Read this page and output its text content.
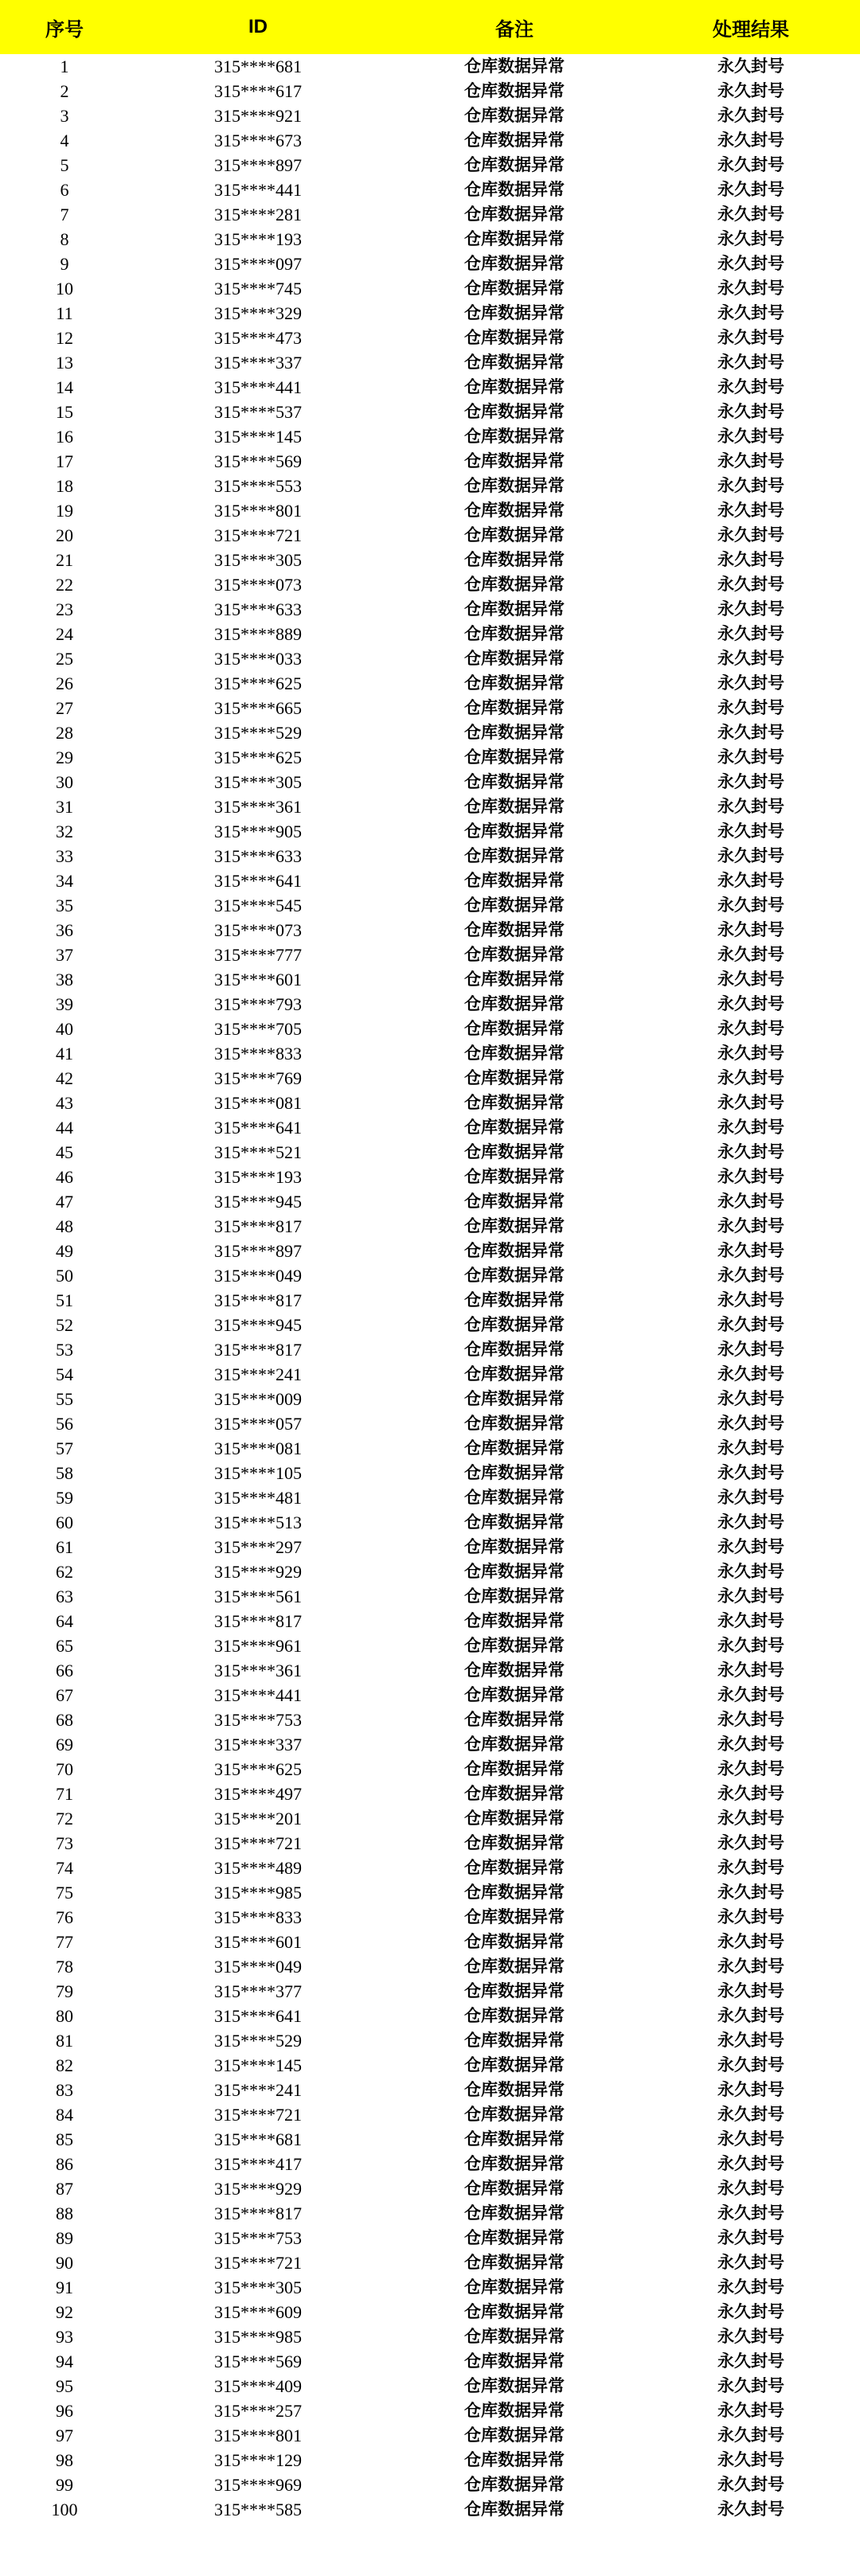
序号	ID	备注	处理结果
1	315****681	仓库数据异常	永久封号
2	315****617	仓库数据异常	永久封号
3	315****921	仓库数据异常	永久封号
4	315****673	仓库数据异常	永久封号
5	315****897	仓库数据异常	永久封号
6	315****441	仓库数据异常	永久封号
7	315****281	仓库数据异常	永久封号
8	315****193	仓库数据异常	永久封号
9	315****097	仓库数据异常	永久封号
10	315****745	仓库数据异常	永久封号
11	315****329	仓库数据异常	永久封号
12	315****473	仓库数据异常	永久封号
13	315****337	仓库数据异常	永久封号
14	315****441	仓库数据异常	永久封号
15	315****537	仓库数据异常	永久封号
16	315****145	仓库数据异常	永久封号
17	315****569	仓库数据异常	永久封号
18	315****553	仓库数据异常	永久封号
19	315****801	仓库数据异常	永久封号
20	315****721	仓库数据异常	永久封号
21	315****305	仓库数据异常	永久封号
22	315****073	仓库数据异常	永久封号
23	315****633	仓库数据异常	永久封号
24	315****889	仓库数据异常	永久封号
25	315****033	仓库数据异常	永久封号
26	315****625	仓库数据异常	永久封号
27	315****665	仓库数据异常	永久封号
28	315****529	仓库数据异常	永久封号
29	315****625	仓库数据异常	永久封号
30	315****305	仓库数据异常	永久封号
31	315****361	仓库数据异常	永久封号
32	315****905	仓库数据异常	永久封号
33	315****633	仓库数据异常	永久封号
34	315****641	仓库数据异常	永久封号
35	315****545	仓库数据异常	永久封号
36	315****073	仓库数据异常	永久封号
37	315****777	仓库数据异常	永久封号
38	315****601	仓库数据异常	永久封号
39	315****793	仓库数据异常	永久封号
40	315****705	仓库数据异常	永久封号
41	315****833	仓库数据异常	永久封号
42	315****769	仓库数据异常	永久封号
43	315****081	仓库数据异常	永久封号
44	315****641	仓库数据异常	永久封号
45	315****521	仓库数据异常	永久封号
46	315****193	仓库数据异常	永久封号
47	315****945	仓库数据异常	永久封号
48	315****817	仓库数据异常	永久封号
49	315****897	仓库数据异常	永久封号
50	315****049	仓库数据异常	永久封号
51	315****817	仓库数据异常	永久封号
52	315****945	仓库数据异常	永久封号
53	315****817	仓库数据异常	永久封号
54	315****241	仓库数据异常	永久封号
55	315****009	仓库数据异常	永久封号
56	315****057	仓库数据异常	永久封号
57	315****081	仓库数据异常	永久封号
58	315****105	仓库数据异常	永久封号
59	315****481	仓库数据异常	永久封号
60	315****513	仓库数据异常	永久封号
61	315****297	仓库数据异常	永久封号
62	315****929	仓库数据异常	永久封号
63	315****561	仓库数据异常	永久封号
64	315****817	仓库数据异常	永久封号
65	315****961	仓库数据异常	永久封号
66	315****361	仓库数据异常	永久封号
67	315****441	仓库数据异常	永久封号
68	315****753	仓库数据异常	永久封号
69	315****337	仓库数据异常	永久封号
70	315****625	仓库数据异常	永久封号
71	315****497	仓库数据异常	永久封号
72	315****201	仓库数据异常	永久封号
73	315****721	仓库数据异常	永久封号
74	315****489	仓库数据异常	永久封号
75	315****985	仓库数据异常	永久封号
76	315****833	仓库数据异常	永久封号
77	315****601	仓库数据异常	永久封号
78	315****049	仓库数据异常	永久封号
79	315****377	仓库数据异常	永久封号
80	315****641	仓库数据异常	永久封号
81	315****529	仓库数据异常	永久封号
82	315****145	仓库数据异常	永久封号
83	315****241	仓库数据异常	永久封号
84	315****721	仓库数据异常	永久封号
85	315****681	仓库数据异常	永久封号
86	315****417	仓库数据异常	永久封号
87	315****929	仓库数据异常	永久封号
88	315****817	仓库数据异常	永久封号
89	315****753	仓库数据异常	永久封号
90	315****721	仓库数据异常	永久封号
91	315****305	仓库数据异常	永久封号
92	315****609	仓库数据异常	永久封号
93	315****985	仓库数据异常	永久封号
94	315****569	仓库数据异常	永久封号
95	315****409	仓库数据异常	永久封号
96	315****257	仓库数据异常	永久封号
97	315****801	仓库数据异常	永久封号
98	315****129	仓库数据异常	永久封号
99	315****969	仓库数据异常	永久封号
100	315****585	仓库数据异常	永久封号
